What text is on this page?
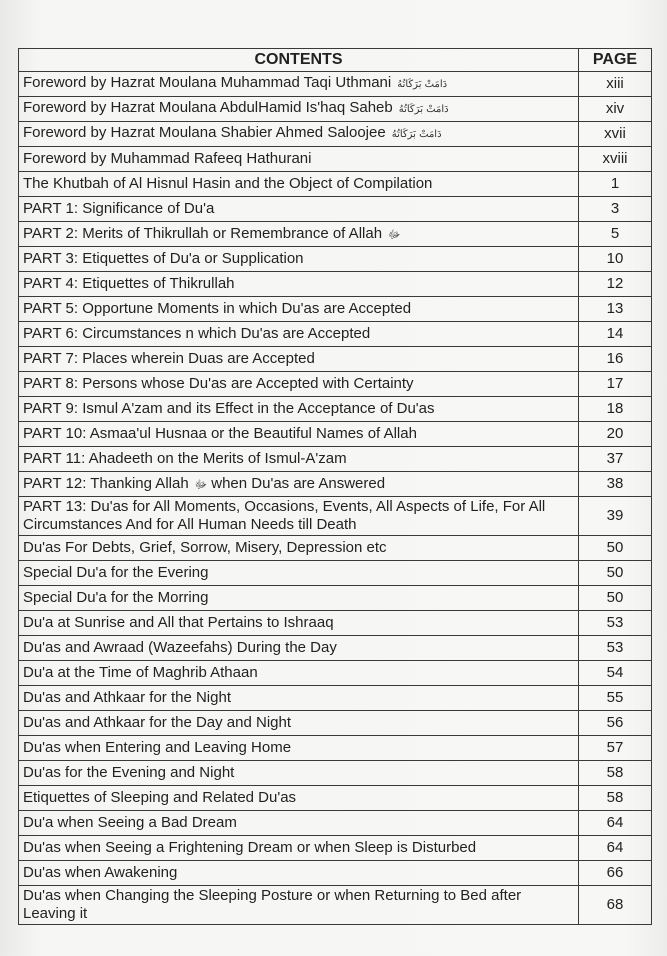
CONTENTS	PAGE
Foreword by Hazrat Moulana Muhammad Taqi Uthmani دَامَتْ بَرَكَاتُهُ	xiii
Foreword by Hazrat Moulana AbdulHamid Is'haq Saheb دَامَتْ بَرَكَاتُهُ	xiv
Foreword by Hazrat Moulana Shabier Ahmed Saloojee دَامَتْ بَرَكَاتُهُ	xvii
Foreword by Muhammad Rafeeq Hathurani	xviii
The Khutbah of Al Hisnul Hasin and the Object of Compilation	1
PART 1: Significance of Du'a	3
PART 2: Merits of Thikrullah or Remembrance of Allah ﷻ	5
PART 3: Etiquettes of Du'a or Supplication	10
PART 4: Etiquettes of Thikrullah	12
PART 5: Opportune Moments in which Du'as are Accepted	13
PART 6: Circumstances n which Du'as are Accepted	14
PART 7: Places wherein Duas are Accepted	16
PART 8: Persons whose Du'as are Accepted with Certainty	17
PART 9: Ismul A'zam and its Effect in the Acceptance of Du'as	18
PART 10: Asmaa'ul Husnaa or the Beautiful Names of Allah	20
PART 11: Ahadeeth on the Merits of Ismul-A'zam	37
PART 12: Thanking Allah ﷻ when Du'as are Answered	38
PART 13: Du'as for All Moments, Occasions, Events, All Aspects of Life, For All Circumstances And for All Human Needs till Death	39
Du'as For Debts, Grief, Sorrow, Misery, Depression etc	50
Special Du'a for the Evering	50
Special Du'a for the Morring	50
Du'a at Sunrise and All that Pertains to Ishraaq	53
Du'as and Awraad (Wazeefahs) During the Day	53
Du'a at the Time of Maghrib Athaan	54
Du'as and Athkaar for the Night	55
Du'as and Athkaar for the Day and Night	56
Du'as when Entering and Leaving Home	57
Du'as for the Evening and Night	58
Etiquettes of Sleeping and Related Du'as	58
Du'a when Seeing a Bad Dream	64
Du'as when Seeing a Frightening Dream or when Sleep is Disturbed	64
Du'as when Awakening	66
Du'as when Changing the Sleeping Posture or when Returning to Bed after Leaving it	68
